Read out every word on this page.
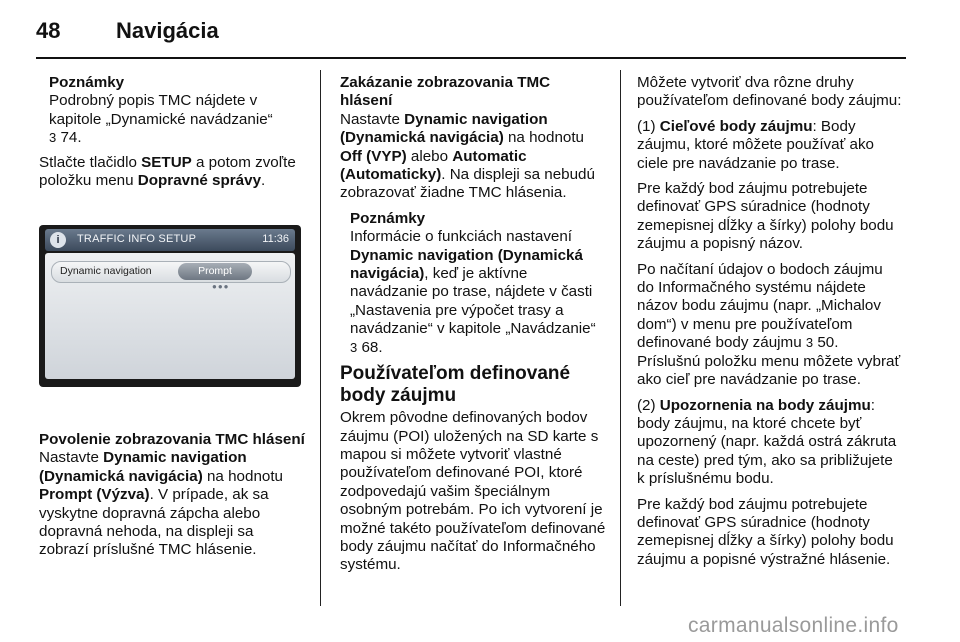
48	Navigácia
Poznámky
Podrobný popis TMC nájdete v kapitole „Dynamické navádzanie“
3 74.

Stlačte tlačidlo SETUP a potom zvoľte položku menu Dopravné správy.

i	TRAFFIC INFO SETUP	11:36
Dynamic navigation	Prompt
●●●
Povolenie zobrazovania TMC hlásení

Nastavte Dynamic navigation (Dynamická navigácia) na hodnotu Prompt (Výzva). V prípade, ak sa vyskytne dopravná zápcha alebo dopravná nehoda, na displeji sa zobrazí príslušné TMC hlásenie.

Zakázanie zobrazovania TMC hlásení

Nastavte Dynamic navigation (Dynamická navigácia) na hodnotu Off (VYP) alebo Automatic (Automaticky). Na displeji sa nebudú zobrazovať žiadne TMC hlásenia.

Poznámky
Informácie o funkciách nastavení Dynamic navigation (Dynamická navigácia), keď je aktívne navádzanie po trase, nájdete v časti „Nastavenia pre výpočet trasy a navádzanie“ v kapitole „Navádzanie“ 3 68.
Používateľom definované body záujmu

Okrem pôvodne definovaných bodov záujmu (POI) uložených na SD karte s mapou si môžete vytvoriť vlastné používateľom definované POI, ktoré zodpovedajú vašim špeciálnym osobným potrebám. Po ich vytvorení je možné takéto používateľom definované body záujmu načítať do Informačného systému.

Môžete vytvoriť dva rôzne druhy používateľom definované body záujmu:

(1) Cieľové body záujmu: Body záujmu, ktoré môžete používať ako ciele pre navádzanie po trase.

Pre každý bod záujmu potrebujete definovať GPS súradnice (hodnoty zemepisnej dĺžky a šírky) polohy bodu záujmu a popisný názov.

Po načítaní údajov o bodoch záujmu do Informačného systému nájdete názov bodu záujmu (napr. „Michalov dom“) v menu pre používateľom definované body záujmu 3 50. Príslušnú položku menu môžete vybrať ako cieľ pre navádzanie po trase.

(2) Upozornenia na body záujmu: body záujmu, na ktoré chcete byť upozornený (napr. každá ostrá zákruta na ceste) pred tým, ako sa približujete k príslušnému bodu.

Pre každý bod záujmu potrebujete definovať GPS súradnice (hodnoty zemepisnej dĺžky a šírky) polohy bodu záujmu a popisné výstražné hlásenie.

carmanualsonline.info
